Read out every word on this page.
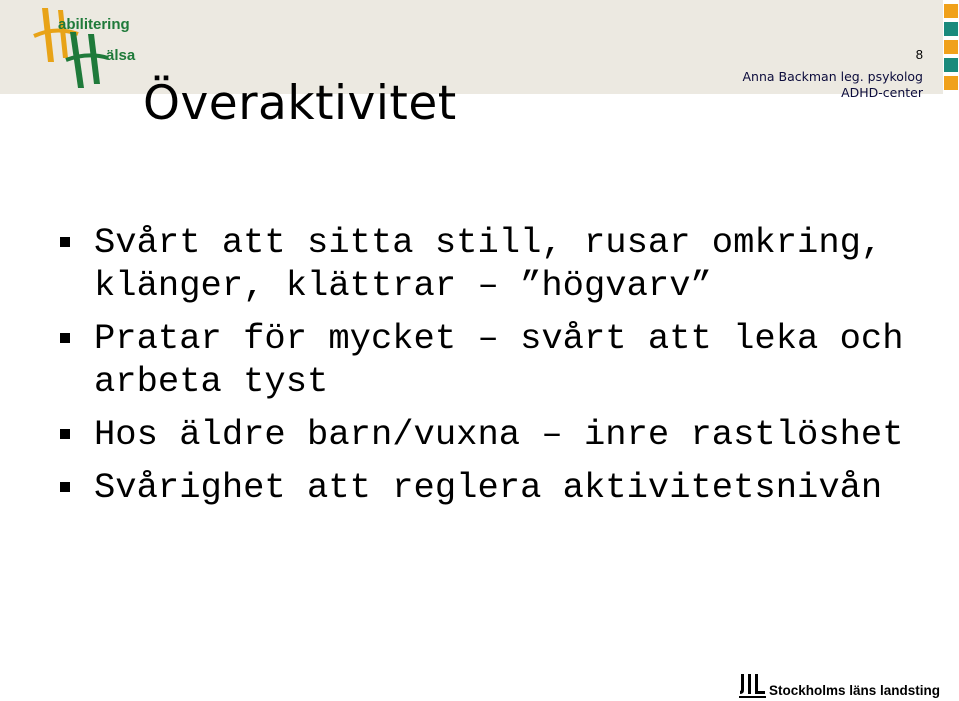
abilitering
älsa	8
Anna Backman leg. psykolog
ADHD-center
Överaktivitet
Svårt att sitta still, rusar omkring, klänger, klättrar – ”högvarv”
Pratar för mycket – svårt att leka och arbeta tyst
Hos äldre barn/vuxna – inre rastlöshet
Svårighet att reglera aktivitetsnivån
Stockholms läns landsting
